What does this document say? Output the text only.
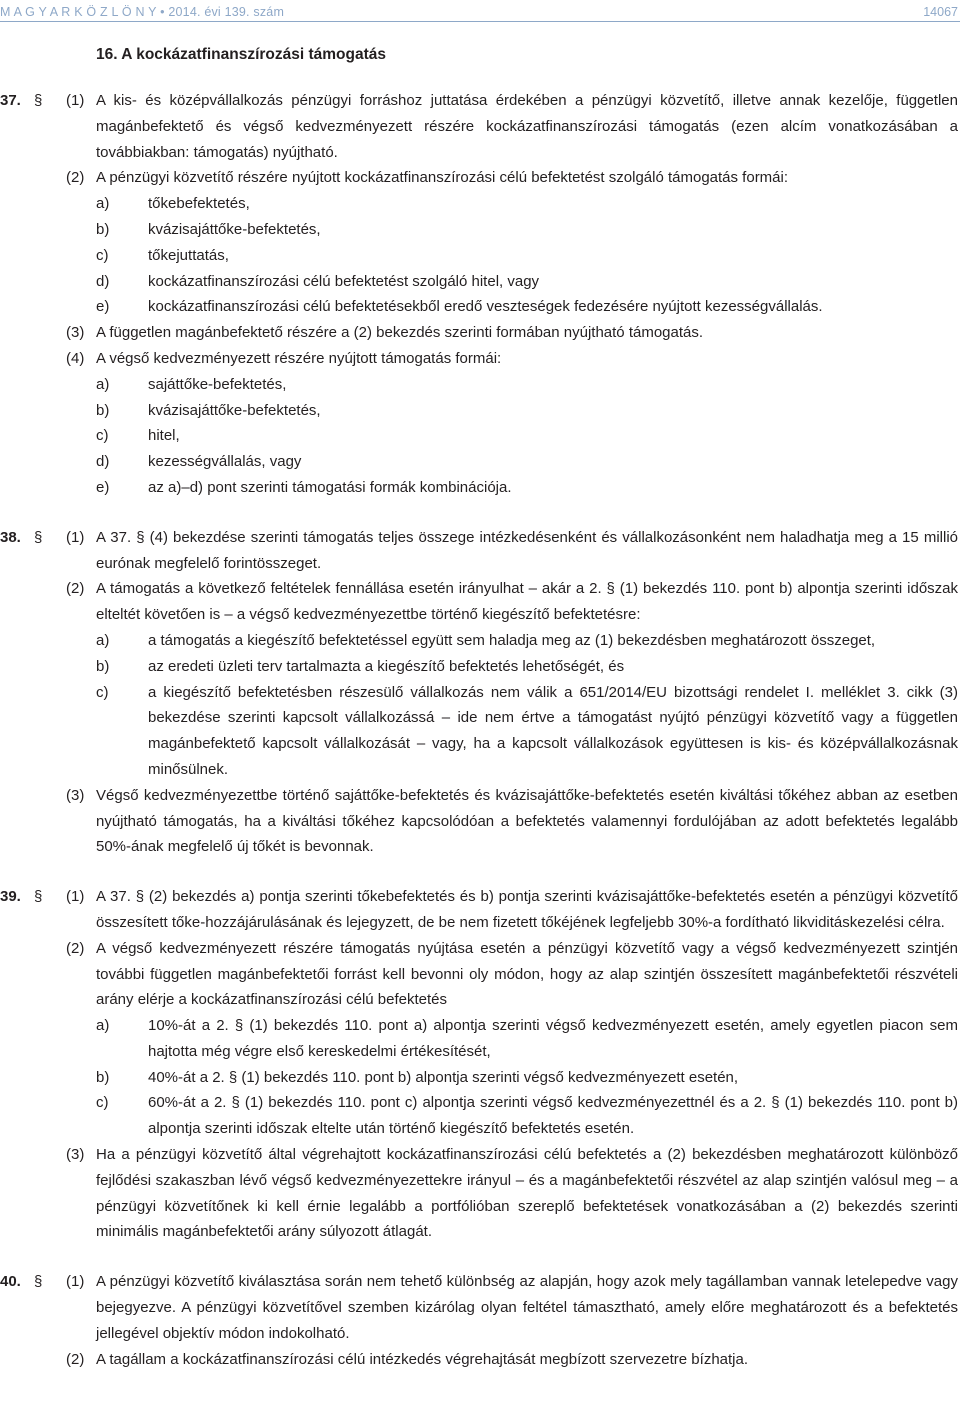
M A G Y A R K Ö Z L Ö N Y • 2014. évi 139. szám	14067
16. A kockázatfinanszírozási támogatás
37. § (1) A kis- és középvállalkozás pénzügyi forráshoz juttatása érdekében a pénzügyi közvetítő, illetve annak kezelője, független magánbefektető és végső kedvezményezett részére kockázatfinanszírozási támogatás (ezen alcím vonatkozásában a továbbiakban: támogatás) nyújtható.
(2) A pénzügyi közvetítő részére nyújtott kockázatfinanszírozási célú befektetést szolgáló támogatás formái:
a)	tőkebefektetés,
b)	kvázisajáttőke-befektetés,
c)	tőkejuttatás,
d)	kockázatfinanszírozási célú befektetést szolgáló hitel, vagy
e)	kockázatfinanszírozási célú befektetésekből eredő veszteségek fedezésére nyújtott kezességvállalás.
(3) A független magánbefektető részére a (2) bekezdés szerinti formában nyújtható támogatás.
(4) A végső kedvezményezett részére nyújtott támogatás formái:
a)	sajáttőke-befektetés,
b)	kvázisajáttőke-befektetés,
c)	hitel,
d)	kezességvállalás, vagy
e)	az a)–d) pont szerinti támogatási formák kombinációja.
38. § (1) A 37. § (4) bekezdése szerinti támogatás teljes összege intézkedésenként és vállalkozásonként nem haladhatja meg a 15 millió eurónak megfelelő forintösszeget.
(2) A támogatás a következő feltételek fennállása esetén irányulhat – akár a 2. § (1) bekezdés 110. pont b) alpontja szerinti időszak elteltét követően is – a végső kedvezményezettbe történő kiegészítő befektetésre:
a)	a támogatás a kiegészítő befektetéssel együtt sem haladja meg az (1) bekezdésben meghatározott összeget,
b)	az eredeti üzleti terv tartalmazta a kiegészítő befektetés lehetőségét, és
c)	a kiegészítő befektetésben részesülő vállalkozás nem válik a 651/2014/EU bizottsági rendelet I. melléklet 3. cikk (3) bekezdése szerinti kapcsolt vállalkozássá – ide nem értve a támogatást nyújtó pénzügyi közvetítő vagy a független magánbefektető kapcsolt vállalkozását – vagy, ha a kapcsolt vállalkozások együttesen is kis- és középvállalkozásnak minősülnek.
(3) Végső kedvezményezettbe történő sajáttőke-befektetés és kvázisajáttőke-befektetés esetén kiváltási tőkéhez abban az esetben nyújtható támogatás, ha a kiváltási tőkéhez kapcsolódóan a befektetés valamennyi fordulójában az adott befektetés legalább 50%-ának megfelelő új tőkét is bevonnak.
39. § (1) A 37. § (2) bekezdés a) pontja szerinti tőkebefektetés és b) pontja szerinti kvázisajáttőke-befektetés esetén a pénzügyi közvetítő összesített tőke-hozzájárulásának és lejegyzett, de be nem fizetett tőkéjének legfeljebb 30%-a fordítható likviditáskezelési célra.
(2) A végső kedvezményezett részére támogatás nyújtása esetén a pénzügyi közvetítő vagy a végső kedvezményezett szintjén további független magánbefektetői forrást kell bevonni oly módon, hogy az alap szintjén összesített magánbefektetői részvételi arány elérje a kockázatfinanszírozási célú befektetés
a)	10%-át a 2. § (1) bekezdés 110. pont a) alpontja szerinti végső kedvezményezett esetén, amely egyetlen piacon sem hajtotta még végre első kereskedelmi értékesítését,
b)	40%-át a 2. § (1) bekezdés 110. pont b) alpontja szerinti végső kedvezményezett esetén,
c)	60%-át a 2. § (1) bekezdés 110. pont c) alpontja szerinti végső kedvezményezettnél és a 2. § (1) bekezdés 110. pont b) alpontja szerinti időszak eltelte után történő kiegészítő befektetés esetén.
(3) Ha a pénzügyi közvetítő által végrehajtott kockázatfinanszírozási célú befektetés a (2) bekezdésben meghatározott különböző fejlődési szakaszban lévő végső kedvezményezettekre irányul – és a magánbefektetői részvétel az alap szintjén valósul meg – a pénzügyi közvetítőnek ki kell érnie legalább a portfólióban szereplő befektetések vonatkozásában a (2) bekezdés szerinti minimális magánbefektetői arány súlyozott átlagát.
40. § (1) A pénzügyi közvetítő kiválasztása során nem tehető különbség az alapján, hogy azok mely tagállamban vannak letelepedve vagy bejegyezve. A pénzügyi közvetítővel szemben kizárólag olyan feltétel támasztható, amely előre meghatározott és a befektetés jellegével objektív módon indokolható.
(2) A tagállam a kockázatfinanszírozási célú intézkedés végrehajtását megbízott szervezetre bízhatja.
